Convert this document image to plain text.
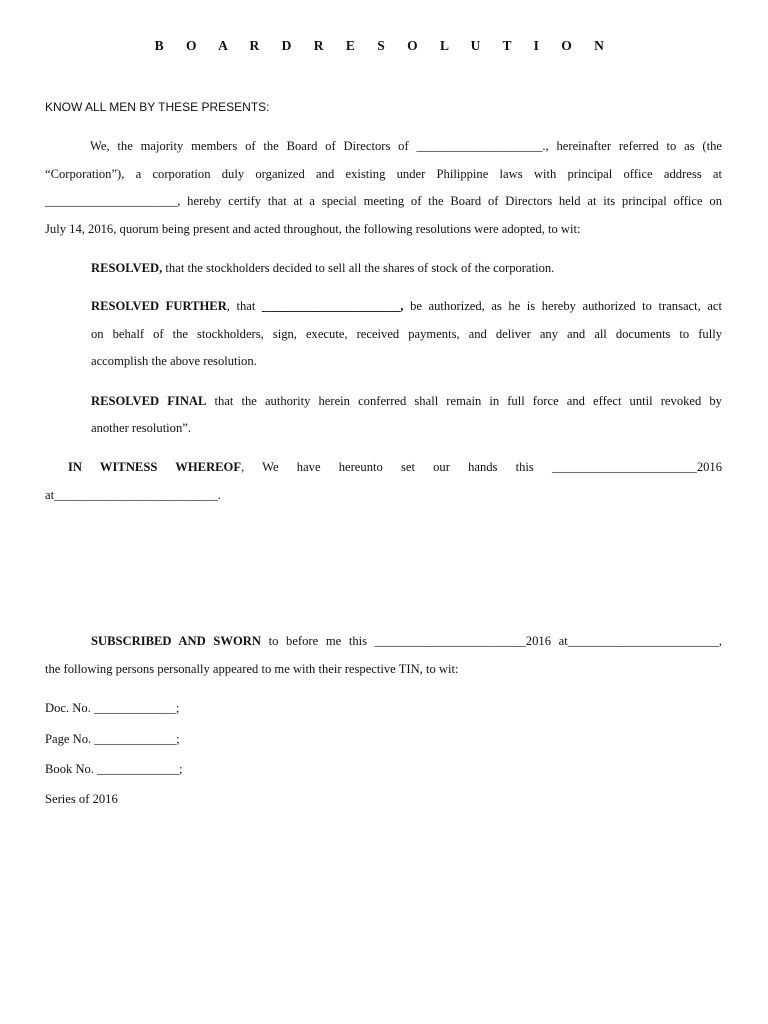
B O A R D R E S O L U T I O N
KNOW ALL MEN BY THESE PRESENTS:
We, the majority members of the Board of Directors of ____________________., hereinafter referred to as (the
“Corporation”), a corporation duly organized and existing under Philippine laws with principal office address at
_____________________, hereby certify that at a special meeting of the Board of Directors held at its principal office on
July 14, 2016, quorum being present and acted throughout, the following resolutions were adopted, to wit:
RESOLVED, that the stockholders decided to sell all the shares of stock of the corporation.
RESOLVED FURTHER, that ______________________, be authorized, as he is hereby authorized to transact, act
on behalf of the stockholders, sign, execute, received payments, and deliver any and all documents to fully
accomplish the above resolution.
RESOLVED FINAL that the authority herein conferred shall remain in full force and effect until revoked by
another resolution”.
IN   WITNESS   WHEREOF,   We   have   hereunto   set   our   hands   this   _______________________2016
at__________________________.
SUBSCRIBED AND SWORN to before me this ________________________2016 at________________________,
the following persons personally appeared to me with their respective TIN, to wit:
Doc. No. _____________;
Page No. _____________;
Book No. _____________;
Series of 2016
